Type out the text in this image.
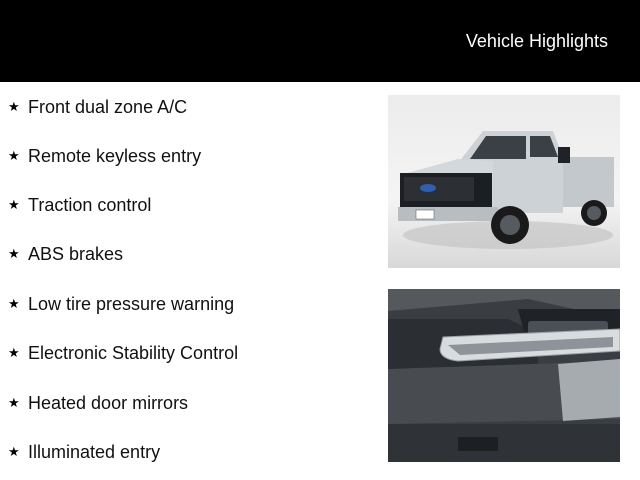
Vehicle Highlights
★ Front dual zone A/C
★ Remote keyless entry
★ Traction control
★ ABS brakes
★ Low tire pressure warning
★ Electronic Stability Control
★ Heated door mirrors
★ Illuminated entry
